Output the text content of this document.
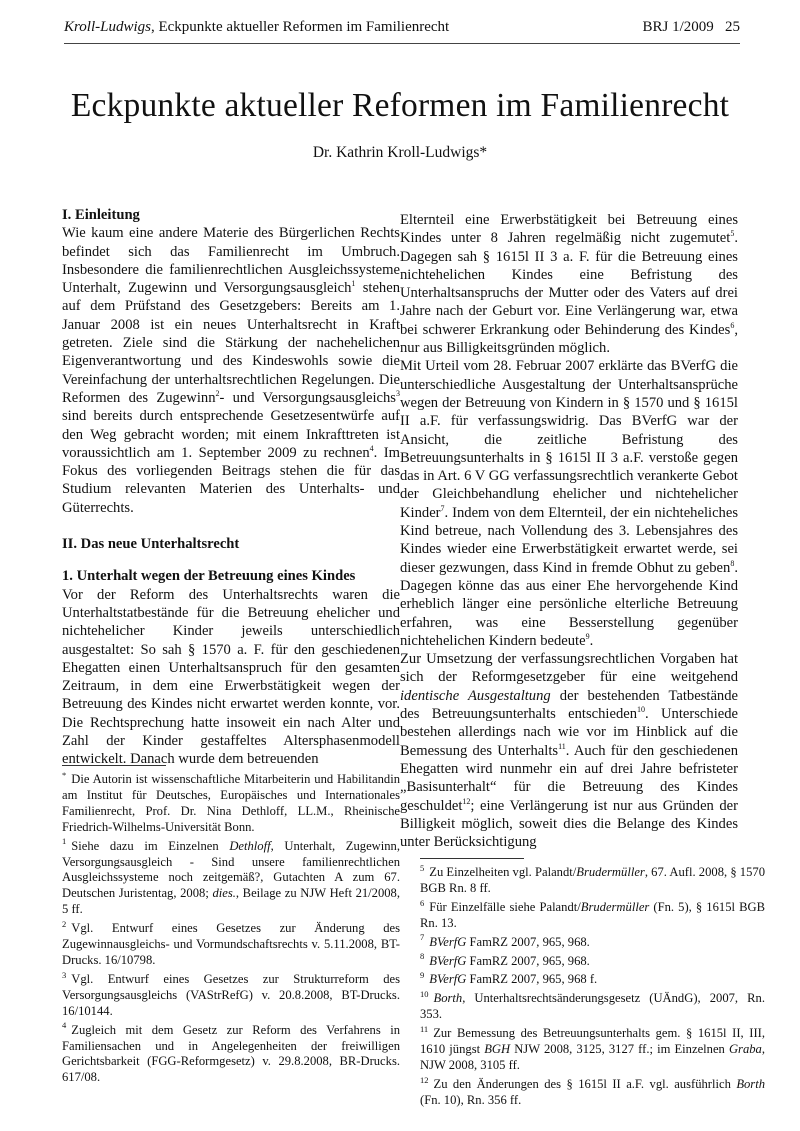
Kroll-Ludwigs, Eckpunkte aktueller Reformen im Familienrecht	BRJ 1/2009 25
Eckpunkte aktueller Reformen im Familienrecht
Dr. Kathrin Kroll-Ludwigs*

I. Einleitung

Wie kaum eine andere Materie des Bürgerlichen Rechts befindet sich das Familienrecht im Umbruch. Insbesondere die familienrechtlichen Ausgleichssysteme Unterhalt, Zugewinn und Versorgungsausgleich$^1$ stehen auf dem Prüfstand des Gesetzgebers: Bereits am 1. Januar 2008 ist ein neues Unterhaltsrecht in Kraft getreten. Ziele sind die Stärkung der nachehelichen Eigenverantwortung und des Kindeswohls sowie die Vereinfachung der unterhaltsrechtlichen Regelungen. Die Reformen des Zugewinn$^2$- und Versorgungsausgleichs$^3$ sind bereits durch entsprechende Gesetzesentwürfe auf den Weg gebracht worden; mit einem Inkrafttreten ist voraussichtlich am 1. September 2009 zu rechnen$^4$. Im Fokus des vorliegenden Beitrags stehen die für das Studium relevanten Materien des Unterhalts- und Güterrechts.

II. Das neue Unterhaltsrecht

1. Unterhalt wegen der Betreuung eines Kindes

Vor der Reform des Unterhaltsrechts waren die Unterhaltstatbestände für die Betreuung ehelicher und nichtehelicher Kinder jeweils unterschiedlich ausgestaltet: So sah § 1570 a. F. für den geschiedenen Ehegatten einen Unterhaltsanspruch für den gesamten Zeitraum, in dem eine Erwerbstätigkeit wegen der Betreuung des Kindes nicht erwartet werden konnte, vor. Die Rechtsprechung hatte insoweit ein nach Alter und Zahl der Kinder gestaffeltes Altersphasenmodell entwickelt. Danach wurde dem betreuenden

* Die Autorin ist wissenschaftliche Mitarbeiterin und Habilitandin am Institut für Deutsches, Europäisches und Internationales Familienrecht, Prof. Dr. Nina Dethloff, LL.M., Rheinische Friedrich-Wilhelms-Universität Bonn.

$^1$ Siehe dazu im Einzelnen Dethloff, Unterhalt, Zugewinn, Versorgungsausgleich - Sind unsere familienrechtlichen Ausgleichssysteme noch zeitgemäß?, Gutachten A zum 67. Deutschen Juristentag, 2008; dies., Beilage zu NJW Heft 21/2008, 5 ff.

$^2$ Vgl. Entwurf eines Gesetzes zur Änderung des Zugewinnausgleichs- und Vormundschaftsrechts v. 5.11.2008, BT-Drucks. 16/10798.

$^3$ Vgl. Entwurf eines Gesetzes zur Strukturreform des Versorgungsausgleichs (VAStrRefG) v. 20.8.2008, BT-Drucks. 16/10144.

$^4$ Zugleich mit dem Gesetz zur Reform des Verfahrens in Familiensachen und in Angelegenheiten der freiwilligen Gerichtsbarkeit (FGG-Reformgesetz) v. 29.8.2008, BR-Drucks. 617/08.

Elternteil eine Erwerbstätigkeit bei Betreuung eines Kindes unter 8 Jahren regelmäßig nicht zugemutet$^5$. Dagegen sah § 1615l II 3 a. F. für die Betreuung eines nichtehelichen Kindes eine Befristung des Unterhaltsanspruchs der Mutter oder des Vaters auf drei Jahre nach der Geburt vor. Eine Verlängerung war, etwa bei schwerer Erkrankung oder Behinderung des Kindes$^6$, nur aus Billigkeitsgründen möglich.

Mit Urteil vom 28. Februar 2007 erklärte das BVerfG die unterschiedliche Ausgestaltung der Unterhaltsansprüche wegen der Betreuung von Kindern in § 1570 und § 1615l II a.F. für verfassungswidrig. Das BVerfG war der Ansicht, die zeitliche Befristung des Betreuungsunterhalts in § 1615l II 3 a.F. verstoße gegen das in Art. 6 V GG verfassungsrechtlich verankerte Gebot der Gleichbehandlung ehelicher und nichtehelicher Kinder$^7$. Indem von dem Elternteil, der ein nichteheliches Kind betreue, nach Vollendung des 3. Lebensjahres des Kindes wieder eine Erwerbstätigkeit erwartet werde, sei dieser gezwungen, dass Kind in fremde Obhut zu geben$^8$. Dagegen könne das aus einer Ehe hervorgehende Kind erheblich länger eine persönliche elterliche Betreuung erfahren, was eine Besserstellung gegenüber nichtehelichen Kindern bedeute$^9$.

Zur Umsetzung der verfassungsrechtlichen Vorgaben hat sich der Reformgesetzgeber für eine weitgehend identische Ausgestaltung der bestehenden Tatbestände des Betreuungsunterhalts entschieden$^{10}$. Unterschiede bestehen allerdings nach wie vor im Hinblick auf die Bemessung des Unterhalts$^{11}$. Auch für den geschiedenen Ehegatten wird nunmehr ein auf drei Jahre befristeter „Basisunterhalt“ für die Betreuung des Kindes geschuldet$^{12}$; eine Verlängerung ist nur aus Gründen der Billigkeit möglich, soweit dies die Belange des Kindes unter Berücksichtigung

$^5$ Zu Einzelheiten vgl. Palandt/Brudermüller, 67. Aufl. 2008, § 1570 BGB Rn. 8 ff.

$^6$ Für Einzelfälle siehe Palandt/Brudermüller (Fn. 5), § 1615l BGB Rn. 13.

$^7$ BVerfG FamRZ 2007, 965, 968.

$^8$ BVerfG FamRZ 2007, 965, 968.

$^9$ BVerfG FamRZ 2007, 965, 968 f.

$^{10}$ Borth, Unterhaltsrechtsänderungsgesetz (UÄndG), 2007, Rn. 353.

$^{11}$ Zur Bemessung des Betreuungsunterhalts gem. § 1615l II, III, 1610 jüngst BGH NJW 2008, 3125, 3127 ff.; im Einzelnen Graba, NJW 2008, 3105 ff.

$^{12}$ Zu den Änderungen des § 1615l II a.F. vgl. ausführlich Borth (Fn. 10), Rn. 356 ff.
